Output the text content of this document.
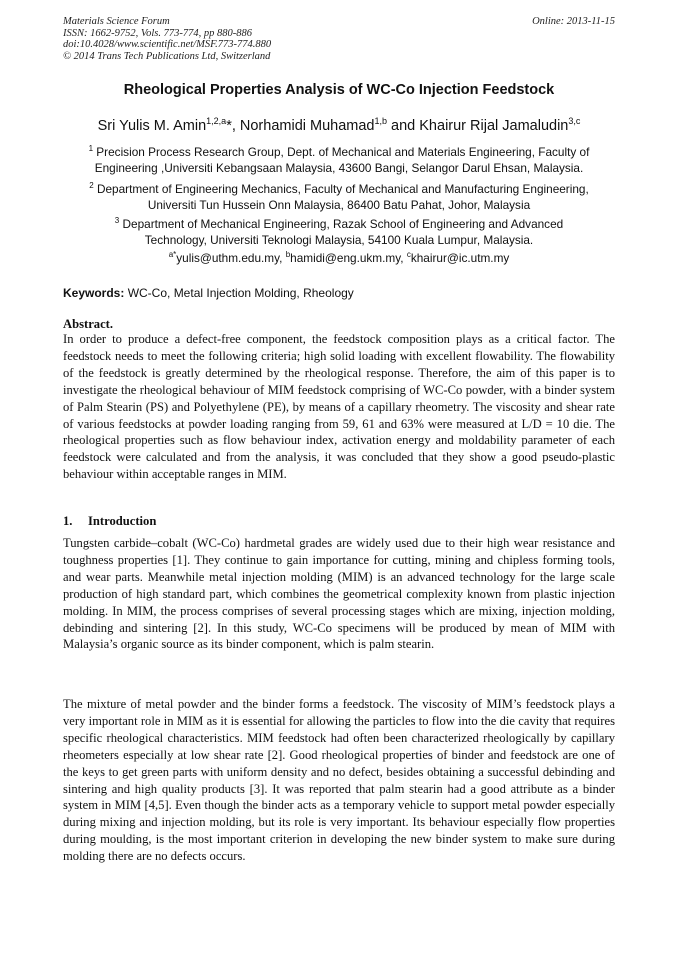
Materials Science Forum
ISSN: 1662-9752, Vols. 773-774, pp 880-886
doi:10.4028/www.scientific.net/MSF.773-774.880
© 2014 Trans Tech Publications Ltd, Switzerland
Online: 2013-11-15
Rheological Properties Analysis of WC-Co Injection Feedstock
Sri Yulis M. Amin$^{1,2,a}$*, Norhamidi Muhamad$^{1,b}$ and Khairur Rijal Jamaludin$^{3,c}$
$^1$ Precision Process Research Group, Dept. of Mechanical and Materials Engineering, Faculty of
Engineering ,Universiti Kebangsaan Malaysia, 43600 Bangi, Selangor Darul Ehsan, Malaysia.
$^2$ Department of Engineering Mechanics, Faculty of Mechanical and Manufacturing Engineering,
Universiti Tun Hussein Onn Malaysia, 86400 Batu Pahat, Johor, Malaysia
$^3$ Department of Mechanical Engineering, Razak School of Engineering and Advanced
Technology, Universiti Teknologi Malaysia, 54100 Kuala Lumpur, Malaysia.
$^{a*}$yulis@uthm.edu.my, $^b$hamidi@eng.ukm.my, $^c$khairur@ic.utm.my
Keywords: WC-Co, Metal Injection Molding, Rheology
Abstract.

In order to produce a defect-free component, the feedstock composition plays as a critical factor. The feedstock needs to meet the following criteria; high solid loading with excellent flowability. The flowability of the feedstock is greatly determined by the rheological response. Therefore, the aim of this paper is to investigate the rheological behaviour of MIM feedstock comprising of WC-Co powder, with a binder system of Palm Stearin (PS) and Polyethylene (PE), by means of a capillary rheometry. The viscosity and shear rate of various feedstocks at powder loading ranging from 59, 61 and 63% were measured at L/D = 10 die. The rheological properties such as flow behaviour index, activation energy and moldability parameter of each feedstock were calculated and from the analysis, it was concluded that they show a good pseudo-plastic behaviour within acceptable ranges in MIM.

1. Introduction

Tungsten carbide–cobalt (WC-Co) hardmetal grades are widely used due to their high wear resistance and toughness properties [1]. They continue to gain importance for cutting, mining and chipless forming tools, and wear parts. Meanwhile metal injection molding (MIM) is an advanced technology for the large scale production of high standard part, which combines the geometrical complexity known from plastic injection molding. In MIM, the process comprises of several processing stages which are mixing, injection molding, debinding and sintering [2]. In this study, WC-Co specimens will be produced by mean of MIM with Malaysia’s organic source as its binder component, which is palm stearin.

The mixture of metal powder and the binder forms a feedstock. The viscosity of MIM’s feedstock plays a very important role in MIM as it is essential for allowing the particles to flow into the die cavity that requires specific rheological characteristics. MIM feedstock had often been characterized rheologically by capillary rheometers especially at low shear rate [2]. Good rheological properties of binder and feedstock are one of the keys to get green parts with uniform density and no defect, besides obtaining a successful debinding and sintering and high quality products [3]. It was reported that palm stearin had a good attribute as a binder system in MIM [4,5]. Even though the binder acts as a temporary vehicle to support metal powder especially during mixing and injection molding, but its role is very important. Its behaviour especially flow properties during moulding, is the most important criterion in developing the new binder system to make sure during molding there are no defects occurs.
